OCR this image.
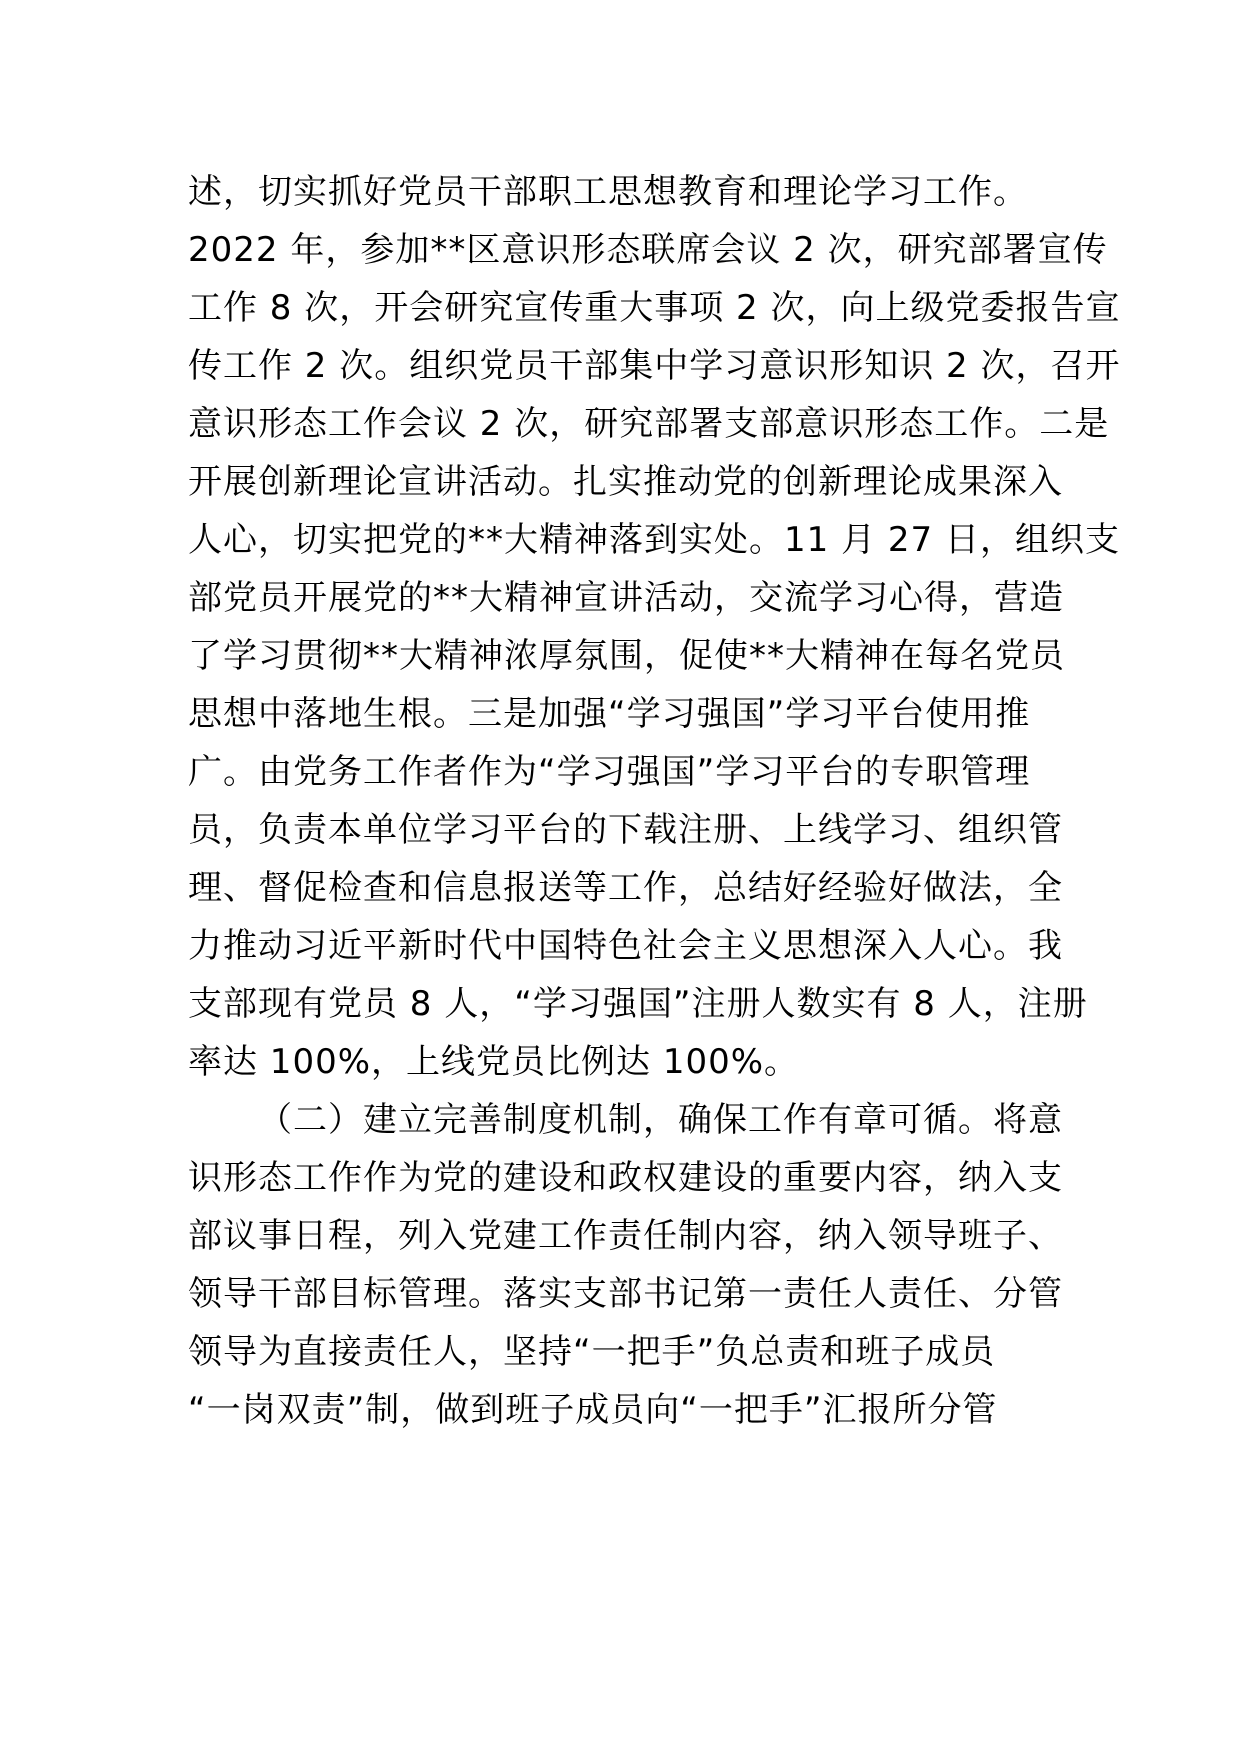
述，切实抓好党员干部职工思想教育和理论学习工作。
2022 年，参加**区意识形态联席会议 2 次，研究部署宣传
工作 8 次，开会研究宣传重大事项 2 次，向上级党委报告宣
传工作 2 次。组织党员干部集中学习意识形知识 2 次，召开
意识形态工作会议 2 次，研究部署支部意识形态工作。二是
开展创新理论宣讲活动。扎实推动党的创新理论成果深入
人心，切实把党的**大精神落到实处。11 月 27 日，组织支
部党员开展党的**大精神宣讲活动，交流学习心得，营造
了学习贯彻**大精神浓厚氛围，促使**大精神在每名党员
思想中落地生根。三是加强“学习强国”学习平台使用推
广。由党务工作者作为“学习强国”学习平台的专职管理
员，负责本单位学习平台的下载注册、上线学习、组织管
理、督促检查和信息报送等工作，总结好经验好做法，全
力推动习近平新时代中国特色社会主义思想深入人心。我
支部现有党员 8 人，“学习强国”注册人数实有 8 人，注册
率达 100%，上线党员比例达 100%。
（二）建立完善制度机制，确保工作有章可循。将意
识形态工作作为党的建设和政权建设的重要内容，纳入支
部议事日程，列入党建工作责任制内容，纳入领导班子、
领导干部目标管理。落实支部书记第一责任人责任、分管
领导为直接责任人，坚持“一把手”负总责和班子成员
“一岗双责”制，做到班子成员向“一把手”汇报所分管
